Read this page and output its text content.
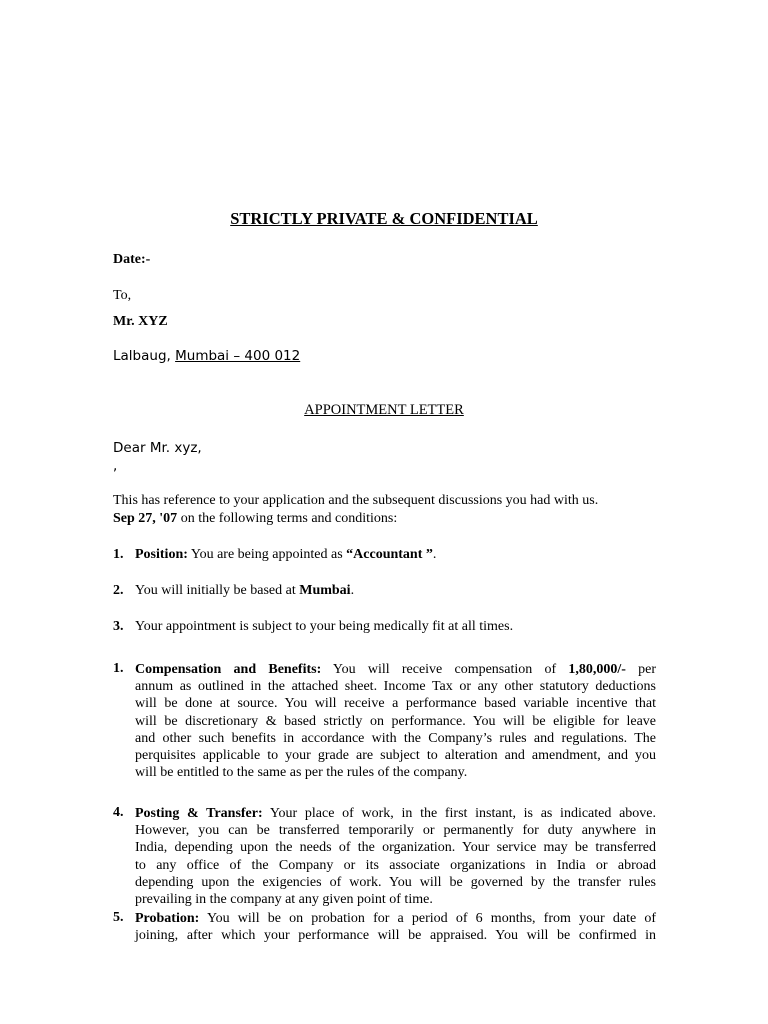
STRICTLY PRIVATE & CONFIDENTIAL
Date:-
To,
Mr. XYZ
Lalbaug, Mumbai – 400 012
APPOINTMENT LETTER
Dear Mr. xyz,
,
This has reference to your application and the subsequent discussions you had with us.
Sep 27, '07 on the following terms and conditions:
1. Position: You are being appointed as “Accountant ”.
2. You will initially be based at Mumbai.
3. Your appointment is subject to your being medically fit at all times.
1. Compensation and Benefits: You will receive compensation of 1,80,000/- per
annum as outlined in the attached sheet. Income Tax or any other statutory deductions
will be done at source. You will receive a performance based variable incentive that
will be discretionary & based strictly on performance. You will be eligible for leave
and other such benefits in accordance with the Company’s rules and regulations. The
perquisites applicable to your grade are subject to alteration and amendment, and you
will be entitled to the same as per the rules of the company.
4. Posting & Transfer: Your place of work, in the first instant, is as indicated above.
However, you can be transferred temporarily or permanently for duty anywhere in
India, depending upon the needs of the organization. Your service may be transferred
to any office of the Company or its associate organizations in India or abroad
depending upon the exigencies of work. You will be governed by the transfer rules
prevailing in the company at any given point of time.
5. Probation: You will be on probation for a period of 6 months, from your date of
joining, after which your performance will be appraised. You will be confirmed in
